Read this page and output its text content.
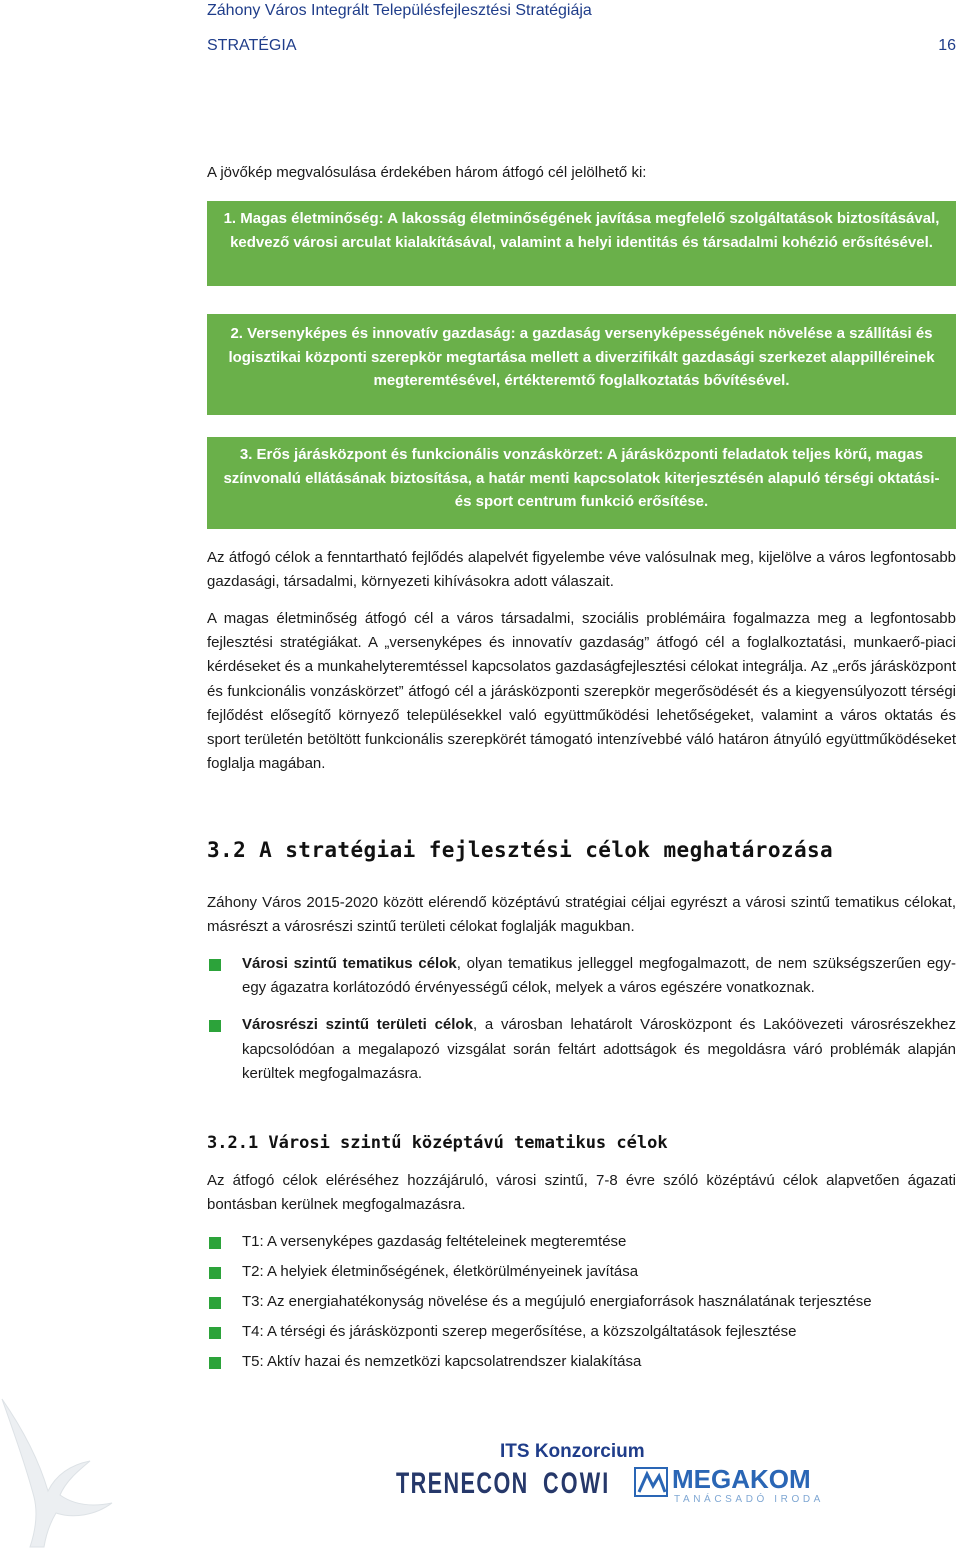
Záhony Város Integrált Településfejlesztési Stratégiája
STRATÉGIA	16
A jövőkép megvalósulása érdekében három átfogó cél jelölhető ki:
1. Magas életminőség: A lakosság életminőségének javítása megfelelő szolgáltatások biztosításával, kedvező városi arculat kialakításával, valamint a helyi identitás és társadalmi kohézió erősítésével.
2. Versenyképes és innovatív gazdaság: a gazdaság versenyképességének növelése a szállítási és logisztikai központi szerepkör megtartása mellett a diverzifikált gazdasági szerkezet alappilléreinek megteremtésével, értékteremtő foglalkoztatás bővítésével.
3. Erős járásközpont és funkcionális vonzáskörzet: A járásközponti feladatok teljes körű, magas színvonalú ellátásának biztosítása, a határ menti kapcsolatok kiterjesztésén alapuló térségi oktatási- és sport centrum funkció erősítése.

Az átfogó célok a fenntartható fejlődés alapelvét figyelembe véve valósulnak meg, kijelölve a város legfontosabb gazdasági, társadalmi, környezeti kihívásokra adott válaszait.

A magas életminőség átfogó cél a város társadalmi, szociális problémáira fogalmazza meg a legfontosabb fejlesztési stratégiákat. A „versenyképes és innovatív gazdaság” átfogó cél a foglalkoztatási, munkaerő-piaci kérdéseket és a munkahelyteremtéssel kapcsolatos gazdaságfejlesztési célokat integrálja. Az „erős járásközpont és funkcionális vonzáskörzet” átfogó cél a járásközponti szerepkör megerősödését és a kiegyensúlyozott térségi fejlődést elősegítő környező településekkel való együttműködési lehetőségeket, valamint a város oktatás és sport területén betöltött funkcionális szerepkörét támogató intenzívebbé váló határon átnyúló együttműködéseket foglalja magában.

3.2 A stratégiai fejlesztési célok meghatározása

Záhony Város 2015-2020 között elérendő középtávú stratégiai céljai egyrészt a városi szintű tematikus célokat, másrészt a városrészi szintű területi célokat foglalják magukban.

Városi szintű tematikus célok, olyan tematikus jelleggel megfogalmazott, de nem szükségszerűen egy-egy ágazatra korlátozódó érvényességű célok, melyek a város egészére vonatkoznak.
Városrészi szintű területi célok, a városban lehatárolt Városközpont és Lakóövezeti városrészekhez kapcsolódóan a megalapozó vizsgálat során feltárt adottságok és megoldásra váró problémák alapján kerültek megfogalmazásra.
3.2.1 Városi szintű középtávú tematikus célok

Az átfogó célok eléréséhez hozzájáruló, városi szintű, 7-8 évre szóló középtávú célok alapvetően ágazati bontásban kerülnek megfogalmazásra.

T1: A versenyképes gazdaság feltételeinek megteremtése
T2: A helyiek életminőségének, életkörülményeinek javítása
T3: Az energiahatékonyság növelése és a megújuló energiaforrások használatának terjesztése
T4: A térségi és járásközponti szerep megerősítése, a közszolgáltatások fejlesztése
T5: Aktív hazai és nemzetközi kapcsolatrendszer kialakítása
ITS Konzorcium
TRENECON COWI MEGAKOM
TANÁCSADÓ IRODA
